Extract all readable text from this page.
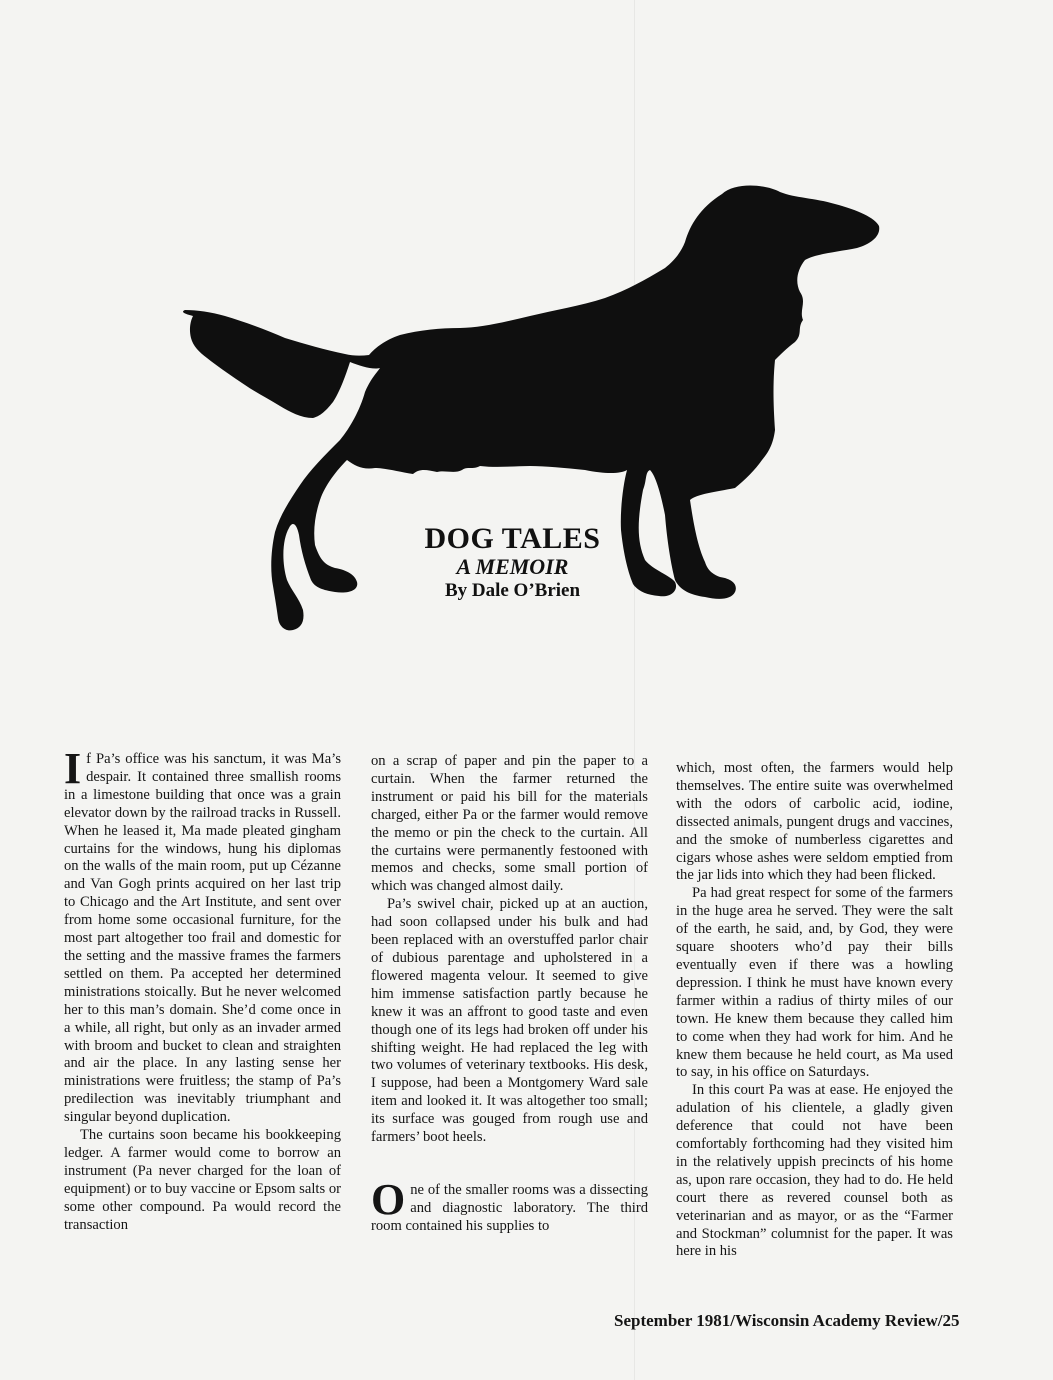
DOG TALES
A MEMOIR
By Dale O’Brien

If Pa’s office was his sanctum, it was Ma’s despair. It contained three smallish rooms in a limestone building that once was a grain elevator down by the railroad tracks in Russell. When he leased it, Ma made pleated gingham curtains for the windows, hung his diplomas on the walls of the main room, put up Cézanne and Van Gogh prints acquired on her last trip to Chicago and the Art Institute, and sent over from home some occasional furniture, for the most part altogether too frail and domestic for the setting and the massive frames the farmers settled on them. Pa accepted her determined ministrations stoically. But he never welcomed her to this man’s domain. She’d come once in a while, all right, but only as an invader armed with broom and bucket to clean and straighten and air the place. In any lasting sense her ministrations were fruitless; the stamp of Pa’s predilection was inevitably triumphant and singular beyond duplication.

The curtains soon became his bookkeeping ledger. A farmer would come to borrow an instrument (Pa never charged for the loan of equipment) or to buy vaccine or Epsom salts or some other compound. Pa would record the transaction

on a scrap of paper and pin the paper to a curtain. When the farmer returned the instrument or paid his bill for the materials charged, either Pa or the farmer would remove the memo or pin the check to the curtain. All the curtains were permanently festooned with memos and checks, some small portion of which was changed almost daily.

Pa’s swivel chair, picked up at an auction, had soon collapsed under his bulk and had been replaced with an overstuffed parlor chair of dubious parentage and upholstered in a flowered magenta velour. It seemed to give him immense satisfaction partly because he knew it was an affront to good taste and even though one of its legs had broken off under his shifting weight. He had replaced the leg with two volumes of veterinary textbooks. His desk, I suppose, had been a Montgomery Ward sale item and looked it. It was altogether too small; its surface was gouged from rough use and farmers’ boot heels.

One of the smaller rooms was a dissecting and diagnostic laboratory. The third room contained his supplies to

which, most often, the farmers would help themselves. The entire suite was overwhelmed with the odors of carbolic acid, iodine, dissected animals, pungent drugs and vaccines, and the smoke of numberless cigarettes and cigars whose ashes were seldom emptied from the jar lids into which they had been flicked.

Pa had great respect for some of the farmers in the huge area he served. They were the salt of the earth, he said, and, by God, they were square shooters who’d pay their bills eventually even if there was a howling depression. I think he must have known every farmer within a radius of thirty miles of our town. He knew them because they called him to come when they had work for him. And he knew them because he held court, as Ma used to say, in his office on Saturdays.

In this court Pa was at ease. He enjoyed the adulation of his clientele, a gladly given deference that could not have been comfortably forthcoming had they visited him in the relatively uppish precincts of his home as, upon rare occasion, they had to do. He held court there as revered counsel both as veterinarian and as mayor, or as the “Farmer and Stockman” columnist for the paper. It was here in his

September 1981/Wisconsin Academy Review/25
